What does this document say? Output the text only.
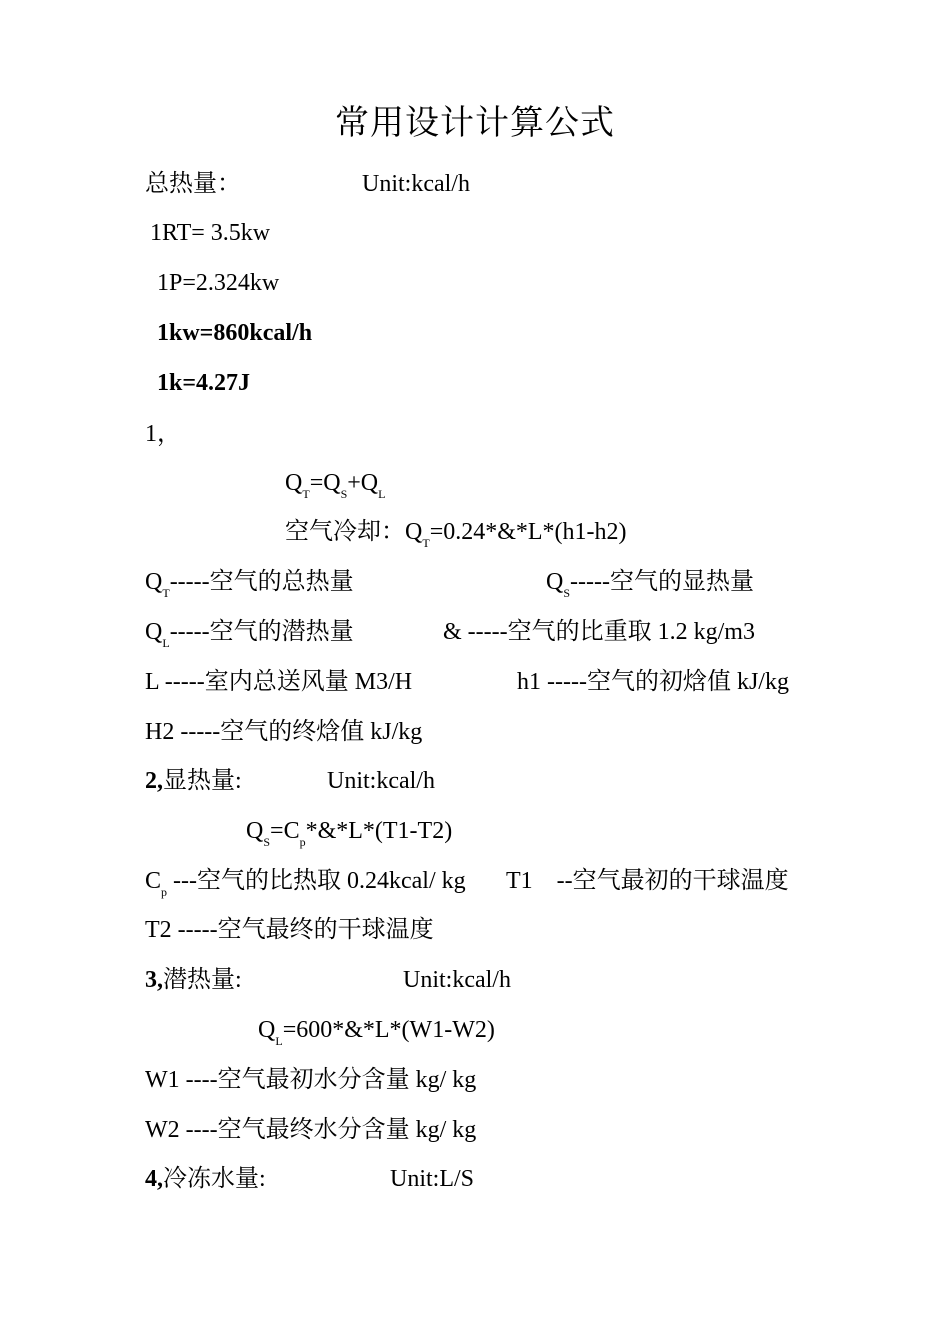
常用设计计算公式
总热量：	Unit:kcal/h
1RT= 3.5kw
1P=2.324kw
1kw=860kcal/h
1k=4.27J
1，
$Q_T=Q_S+Q_L$
空气冷却：$Q_T=0.24*\&*L*(h1-h2)$
$Q_T-----$空气的总热量	$Q_S-----$空气的显热量
$Q_L-----$空气的潜热量	& -----空气的比重取 1.2 kg/m3
L -----室内总送风量 M3/H	h1 -----空气的初焓值 kJ/kg
H2 -----空气的终焓值 kJ/kg
2,显热量:	Unit:kcal/h
$Q_S=C_p*\&*L*(T1-T2)$
$C_p$ ---空气的比热取 0.24kcal/ kg T1    --空气最初的干球温度
T2 -----空气最终的干球温度
3,潜热量:	Unit:kcal/h
$Q_L=600*\&*L*(W1-W2)$
W1 ----空气最初水分含量 kg/ kg
W2 ----空气最终水分含量 kg/ kg
4,冷冻水量:	Unit:L/S
